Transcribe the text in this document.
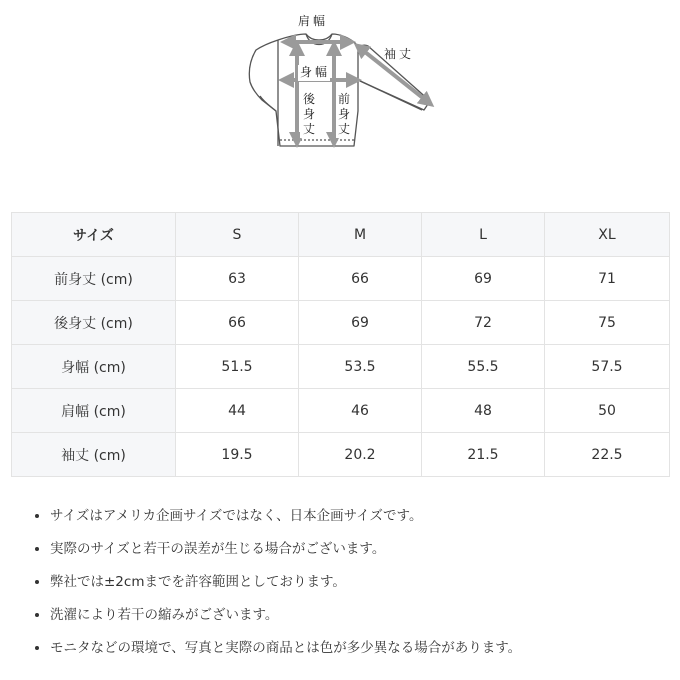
肩幅
袖丈
身幅
後
身
丈
前
身
丈
サイズ	S	M	L	XL
前身丈 (cm)	63	66	69	71
後身丈 (cm)	66	69	72	75
身幅 (cm)	51.5	53.5	55.5	57.5
肩幅 (cm)	44	46	48	50
袖丈 (cm)	19.5	20.2	21.5	22.5
• サイズはアメリカ企画サイズではなく、日本企画サイズです。
• 実際のサイズと若干の誤差が生じる場合がございます。
• 弊社では±2cmまでを許容範囲としております。
• 洗濯により若干の縮みがございます。
• モニタなどの環境で、写真と実際の商品とは色が多少異なる場合があります。
